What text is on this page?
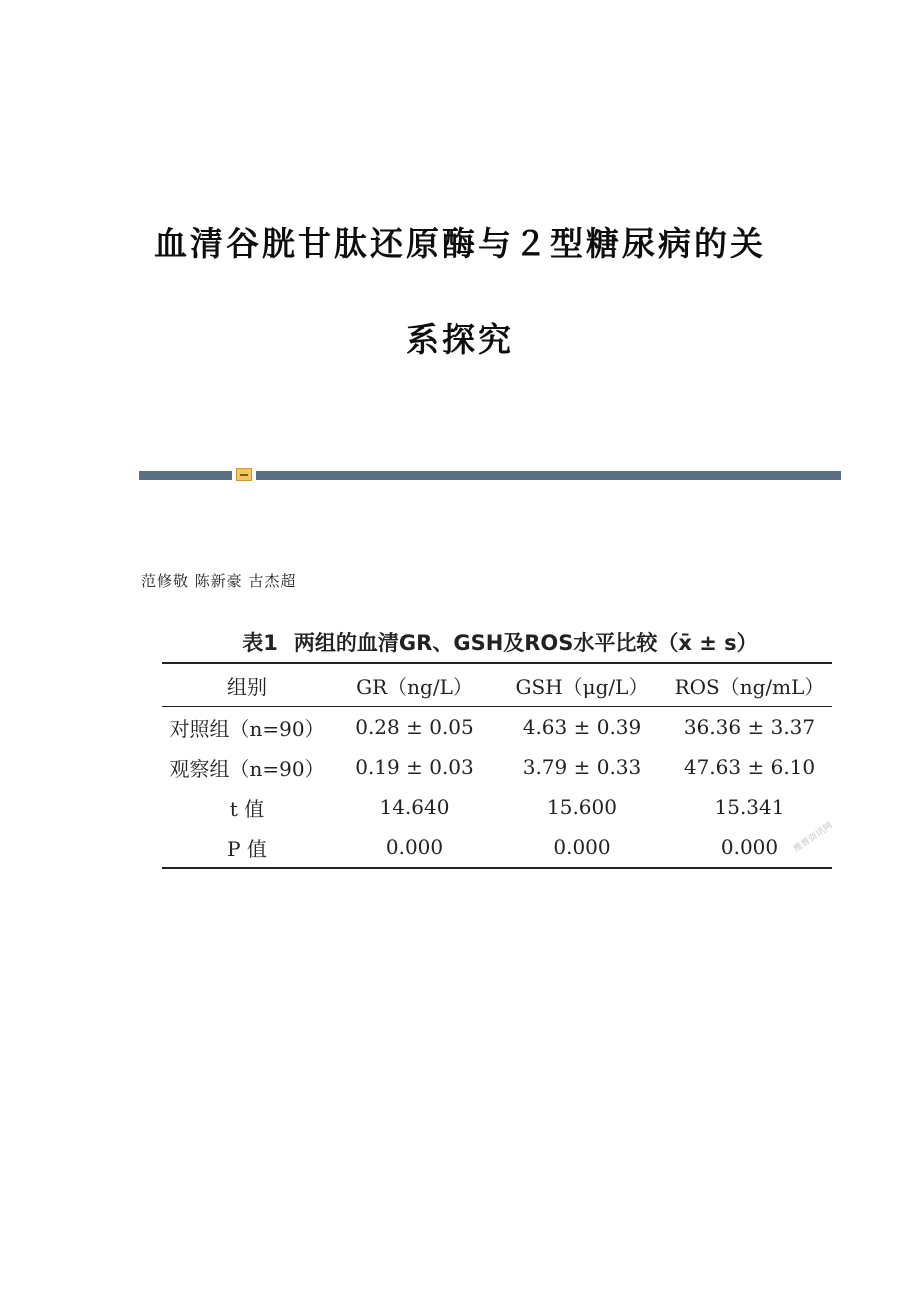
血清谷胱甘肽还原酶与２型糖尿病的关
系探究
范修敬 陈新豪 古杰超
表1 两组的血清GR、GSH及ROS水平比较（x̄ ± s）
组别	GR（ng/L）	GSH（μg/L）	ROS（ng/mL）
对照组（n=90）	0.28 ± 0.05	4.63 ± 0.39	36.36 ± 3.37
观察组（n=90）	0.19 ± 0.03	3.79 ± 0.33	47.63 ± 6.10
t 值	14.640	15.600	15.341
P 值	0.000	0.000	0.000 维普资讯网
